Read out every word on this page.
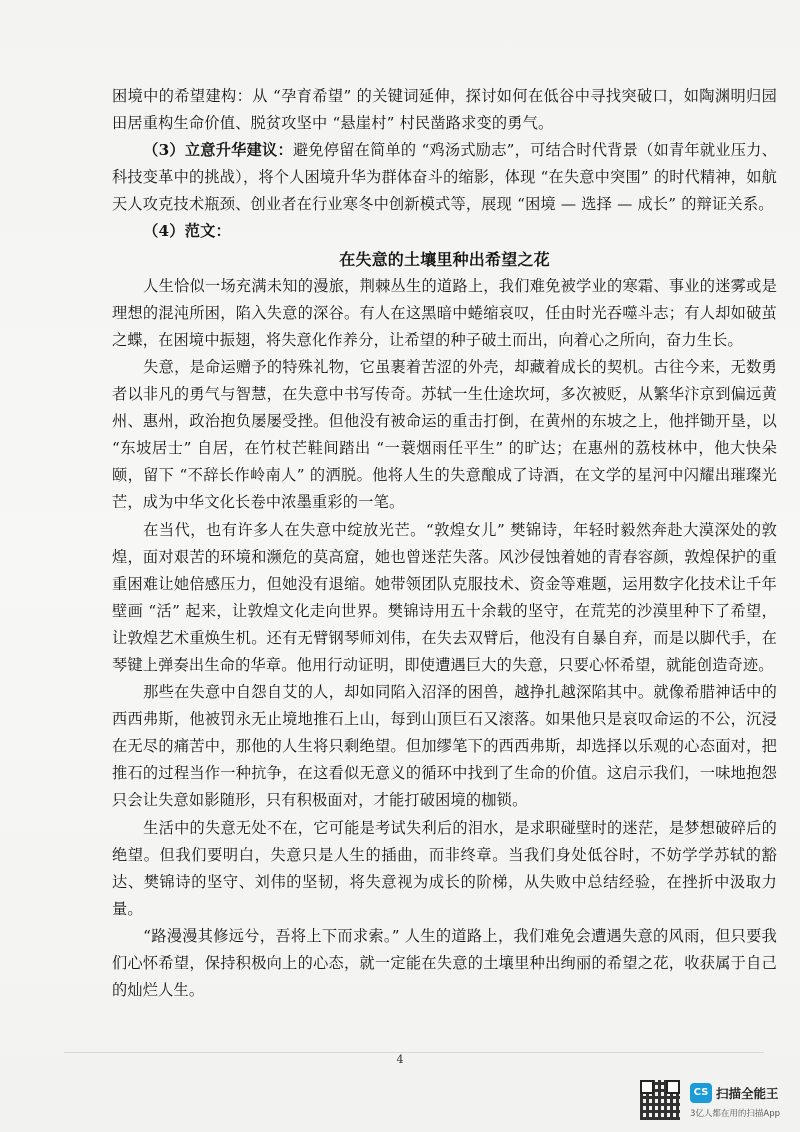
困境中的希望建构：从 “孕育希望” 的关键词延伸，探讨如何在低谷中寻找突破口，如陶渊明归园田居重构生命价值、脱贫攻坚中 “悬崖村” 村民凿路求变的勇气。

（3）立意升华建议：避免停留在简单的 “鸡汤式励志”，可结合时代背景（如青年就业压力、科技变革中的挑战），将个人困境升华为群体奋斗的缩影，体现 “在失意中突围” 的时代精神，如航天人攻克技术瓶颈、创业者在行业寒冬中创新模式等，展现 “困境 — 选择 — 成长” 的辩证关系。

（4）范文：

在失意的土壤里种出希望之花

人生恰似一场充满未知的漫旅，荆棘丛生的道路上，我们难免被学业的寒霜、事业的迷雾或是理想的混沌所困，陷入失意的深谷。有人在这黑暗中蜷缩哀叹，任由时光吞噬斗志；有人却如破茧之蝶，在困境中振翅，将失意化作养分，让希望的种子破土而出，向着心之所向，奋力生长。

失意，是命运赠予的特殊礼物，它虽裹着苦涩的外壳，却藏着成长的契机。古往今来，无数勇者以非凡的勇气与智慧，在失意中书写传奇。苏轼一生仕途坎坷，多次被贬，从繁华汴京到偏远黄州、惠州，政治抱负屡屡受挫。但他没有被命运的重击打倒，在黄州的东坡之上，他拌锄开垦，以 “东坡居士” 自居，在竹杖芒鞋间踏出 “一蓑烟雨任平生” 的旷达；在惠州的荔枝林中，他大快朵颐，留下 “不辞长作岭南人” 的洒脱。他将人生的失意酿成了诗酒，在文学的星河中闪耀出璀璨光芒，成为中华文化长卷中浓墨重彩的一笔。

在当代，也有许多人在失意中绽放光芒。“敦煌女儿” 樊锦诗，年轻时毅然奔赴大漠深处的敦煌，面对艰苦的环境和濒危的莫高窟，她也曾迷茫失落。风沙侵蚀着她的青春容颜，敦煌保护的重重困难让她倍感压力，但她没有退缩。她带领团队克服技术、资金等难题，运用数字化技术让千年壁画 “活” 起来，让敦煌文化走向世界。樊锦诗用五十余载的坚守，在荒芜的沙漠里种下了希望，让敦煌艺术重焕生机。还有无臂钢琴师刘伟，在失去双臂后，他没有自暴自弃，而是以脚代手，在琴键上弹奏出生命的华章。他用行动证明，即使遭遇巨大的失意，只要心怀希望，就能创造奇迹。

那些在失意中自怨自艾的人，却如同陷入沼泽的困兽，越挣扎越深陷其中。就像希腊神话中的西西弗斯，他被罚永无止境地推石上山，每到山顶巨石又滚落。如果他只是哀叹命运的不公，沉浸在无尽的痛苦中，那他的人生将只剩绝望。但加缪笔下的西西弗斯，却选择以乐观的心态面对，把推石的过程当作一种抗争，在这看似无意义的循环中找到了生命的价值。这启示我们，一味地抱怨只会让失意如影随形，只有积极面对，才能打破困境的枷锁。

生活中的失意无处不在，它可能是考试失利后的泪水，是求职碰壁时的迷茫，是梦想破碎后的绝望。但我们要明白，失意只是人生的插曲，而非终章。当我们身处低谷时，不妨学学苏轼的豁达、樊锦诗的坚守、刘伟的坚韧，将失意视为成长的阶梯，从失败中总结经验，在挫折中汲取力量。

“路漫漫其修远兮，吾将上下而求索。” 人生的道路上，我们难免会遭遇失意的风雨，但只要我们心怀希望，保持积极向上的心态，就一定能在失意的土壤里种出绚丽的希望之花，收获属于自己的灿烂人生。

4
CS 扫描全能王
3亿人都在用的扫描App
